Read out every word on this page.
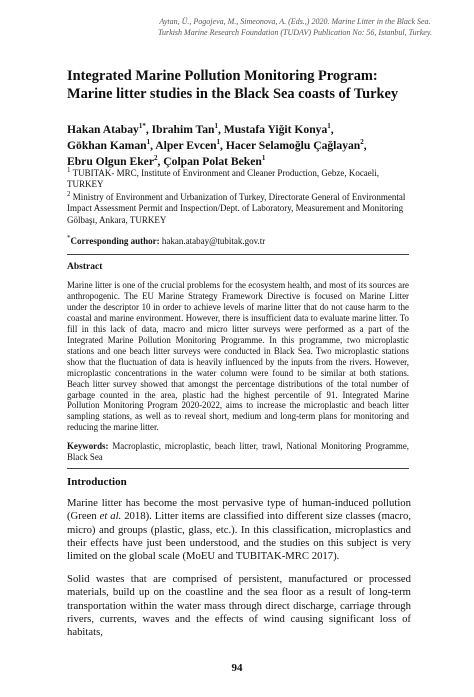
Aytan, Ü., Pogojeva, M., Simeonova, A. (Eds.,) 2020. Marine Litter in the Black Sea.
Turkish Marine Research Foundation (TUDAV) Publication No: 56, Istanbul, Turkey.
Integrated Marine Pollution Monitoring Program:
Marine litter studies in the Black Sea coasts of Turkey
Hakan Atabay$^{1*}$, Ibrahim Tan$^1$, Mustafa Yiğit Konya$^1$,
Gökhan Kaman$^1$, Alper Evcen$^1$, Hacer Selamoğlu Çağlayan$^2$,
Ebru Olgun Eker$^2$, Çolpan Polat Beken$^1$
$^1$ TUBITAK- MRC, Institute of Environment and Cleaner Production, Gebze, Kocaeli, TURKEY
$^2$ Ministry of Environment and Urbanization of Turkey, Directorate General of Environmental Impact Assessment Permit and Inspection/Dept. of Laboratory, Measurement and Monitoring Gölbaşı, Ankara, TURKEY
*Corresponding author: hakan.atabay@tubitak.gov.tr
Abstract
Marine litter is one of the crucial problems for the ecosystem health, and most of its sources are anthropogenic. The EU Marine Strategy Framework Directive is focused on Marine Litter under the descriptor 10 in order to achieve levels of marine litter that do not cause harm to the coastal and marine environment. However, there is insufficient data to evaluate marine litter. To fill in this lack of data, macro and micro litter surveys were performed as a part of the Integrated Marine Pollution Monitoring Programme. In this programme, two microplastic stations and one beach litter surveys were conducted in Black Sea. Two microplastic stations show that the fluctuation of data is heavily influenced by the inputs from the rivers. However, microplastic concentrations in the water column were found to be similar at both stations. Beach litter survey showed that amongst the percentage distributions of the total number of garbage counted in the area, plastic had the highest percentile of 91. Integrated Marine Pollution Monitoring Program 2020-2022, aims to increase the microplastic and beach litter sampling stations, as well as to reveal short, medium and long-term plans for monitoring and reducing the marine litter.
Keywords: Macroplastic, microplastic, beach litter, trawl, National Monitoring Programme, Black Sea
Introduction
Marine litter has become the most pervasive type of human-induced pollution (Green et al. 2018). Litter items are classified into different size classes (macro, micro) and groups (plastic, glass, etc.). In this classification, microplastics and their effects have just been understood, and the studies on this subject is very limited on the global scale (MoEU and TUBITAK-MRC 2017).
Solid wastes that are comprised of persistent, manufactured or processed materials, build up on the coastline and the sea floor as a result of long-term transportation within the water mass through direct discharge, carriage through rivers, currents, waves and the effects of wind causing significant loss of habitats,
94
